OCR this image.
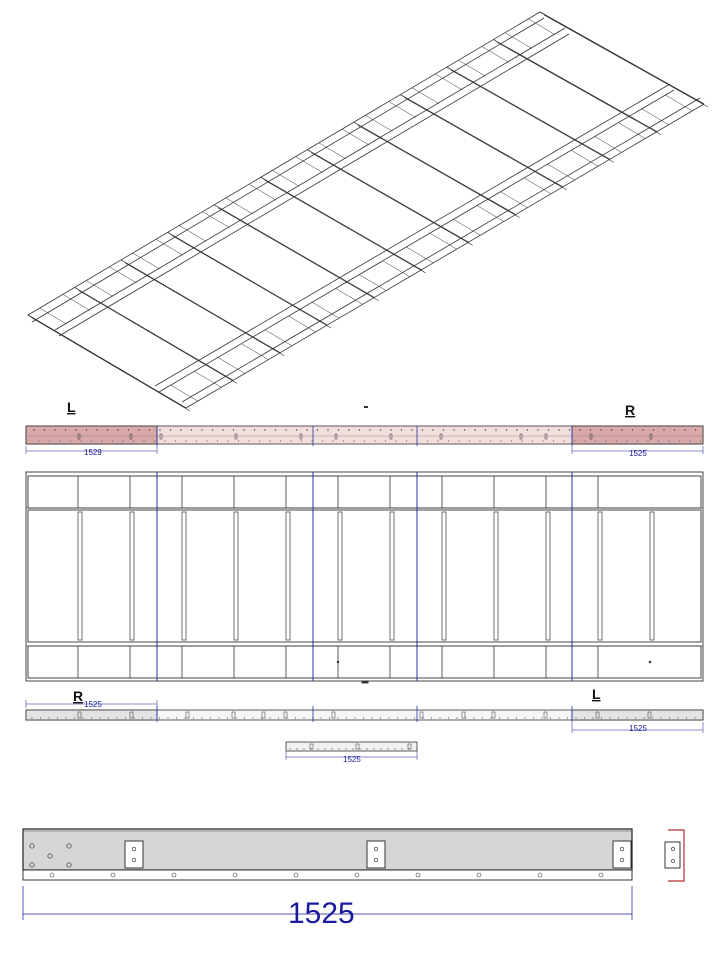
L	R
1529	1525
R	L
1525
1525
1525
1525
